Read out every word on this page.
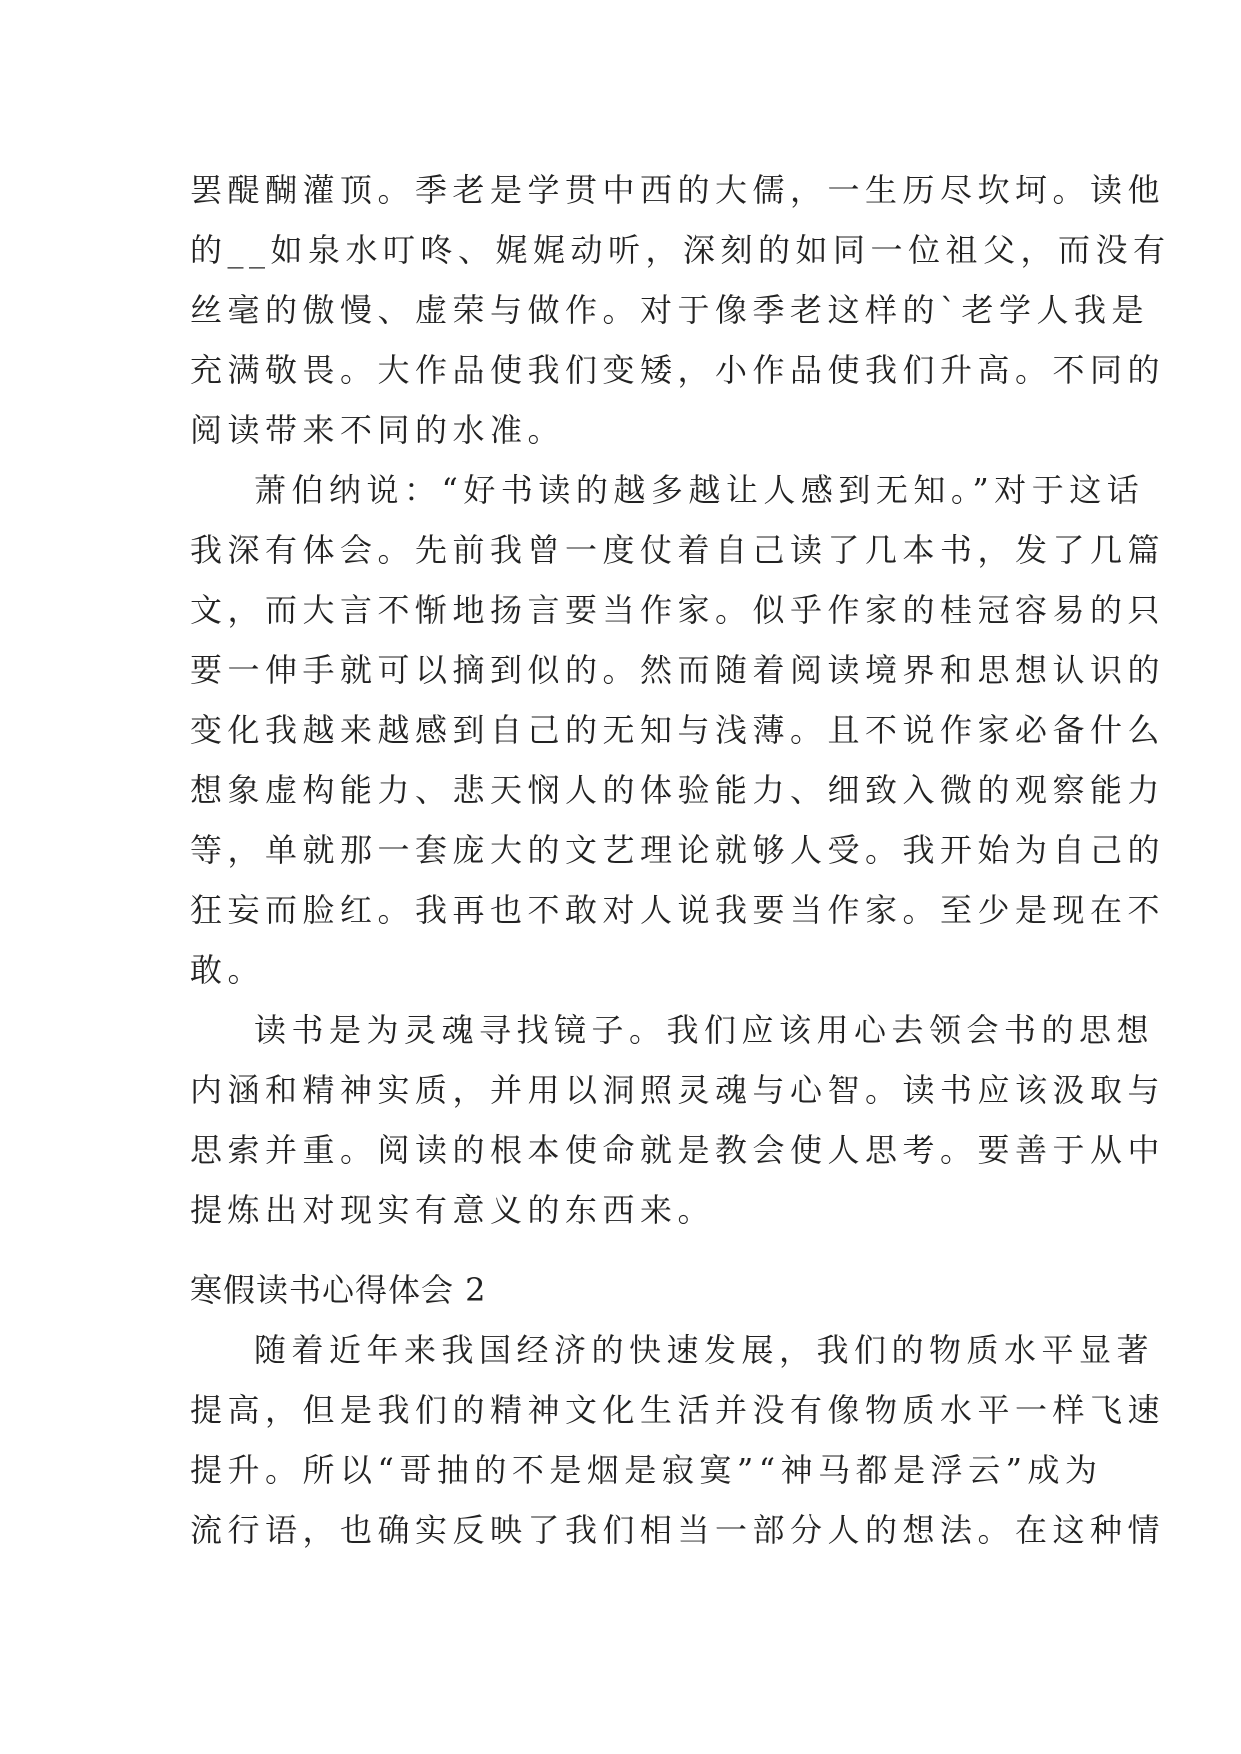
罢醍醐灌顶。季老是学贯中西的大儒，一生历尽坎坷。读他
的__如泉水叮咚、娓娓动听，深刻的如同一位祖父，而没有
丝毫的傲慢、虚荣与做作。对于像季老这样的`老学人我是
充满敬畏。大作品使我们变矮，小作品使我们升高。不同的
阅读带来不同的水准。
萧伯纳说：“好书读的越多越让人感到无知。”对于这话
我深有体会。先前我曾一度仗着自己读了几本书，发了几篇
文，而大言不惭地扬言要当作家。似乎作家的桂冠容易的只
要一伸手就可以摘到似的。然而随着阅读境界和思想认识的
变化我越来越感到自己的无知与浅薄。且不说作家必备什么
想象虚构能力、悲天悯人的体验能力、细致入微的观察能力
等，单就那一套庞大的文艺理论就够人受。我开始为自己的
狂妄而脸红。我再也不敢对人说我要当作家。至少是现在不
敢。
读书是为灵魂寻找镜子。我们应该用心去领会书的思想
内涵和精神实质，并用以洞照灵魂与心智。读书应该汲取与
思索并重。阅读的根本使命就是教会使人思考。要善于从中
提炼出对现实有意义的东西来。
寒假读书心得体会 2
随着近年来我国经济的快速发展，我们的物质水平显著
提高，但是我们的精神文化生活并没有像物质水平一样飞速
提升。所以“哥抽的不是烟是寂寞”“神马都是浮云”成为
流行语，也确实反映了我们相当一部分人的想法。在这种情
